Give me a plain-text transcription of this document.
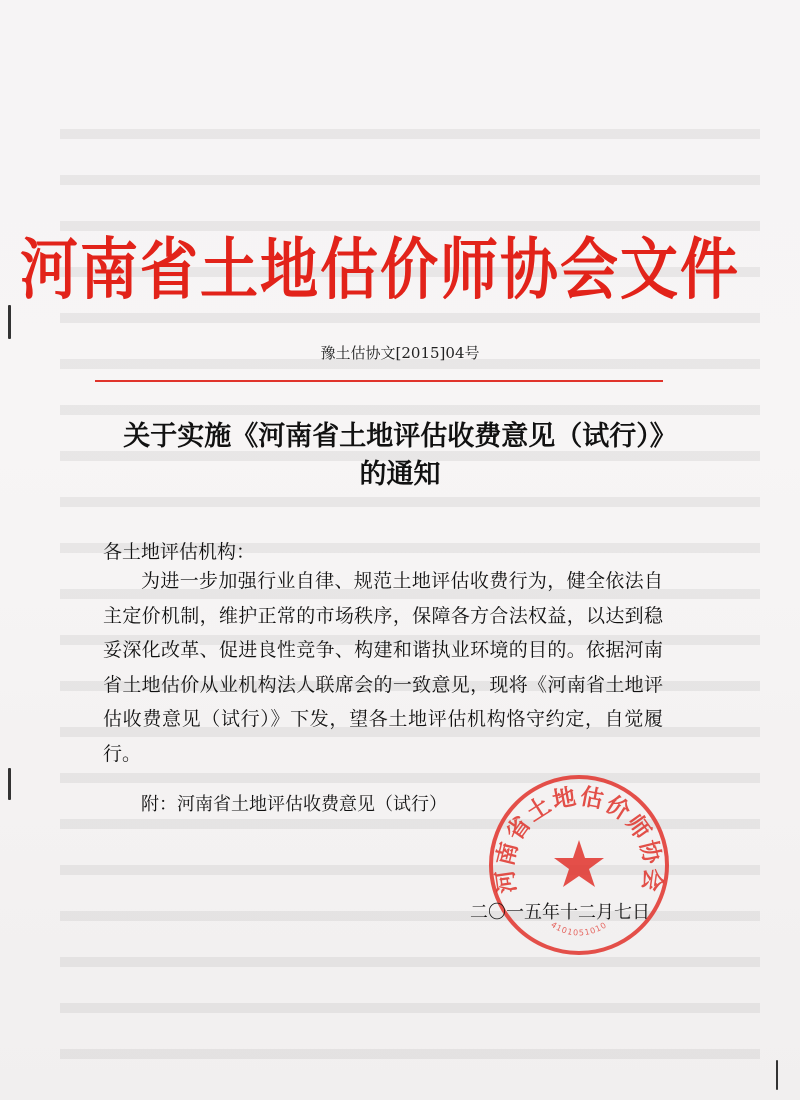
河南省土地估价师协会文件
豫土估协文[2015]04号
关于实施《河南省土地评估收费意见（试行）》
的通知
各土地评估机构：
为进一步加强行业自律、规范土地评估收费行为，健全依法自主定价机制，维护正常的市场秩序，保障各方合法权益，以达到稳妥深化改革、促进良性竞争、构建和谐执业环境的目的。依据河南省土地估价从业机构法人联席会的一致意见，现将《河南省土地评估收费意见（试行）》下发，望各土地评估机构恪守约定，自觉履行。
附：河南省土地评估收费意见（试行）
河南省土地估价师协会
4101051010
二〇一五年十二月七日
